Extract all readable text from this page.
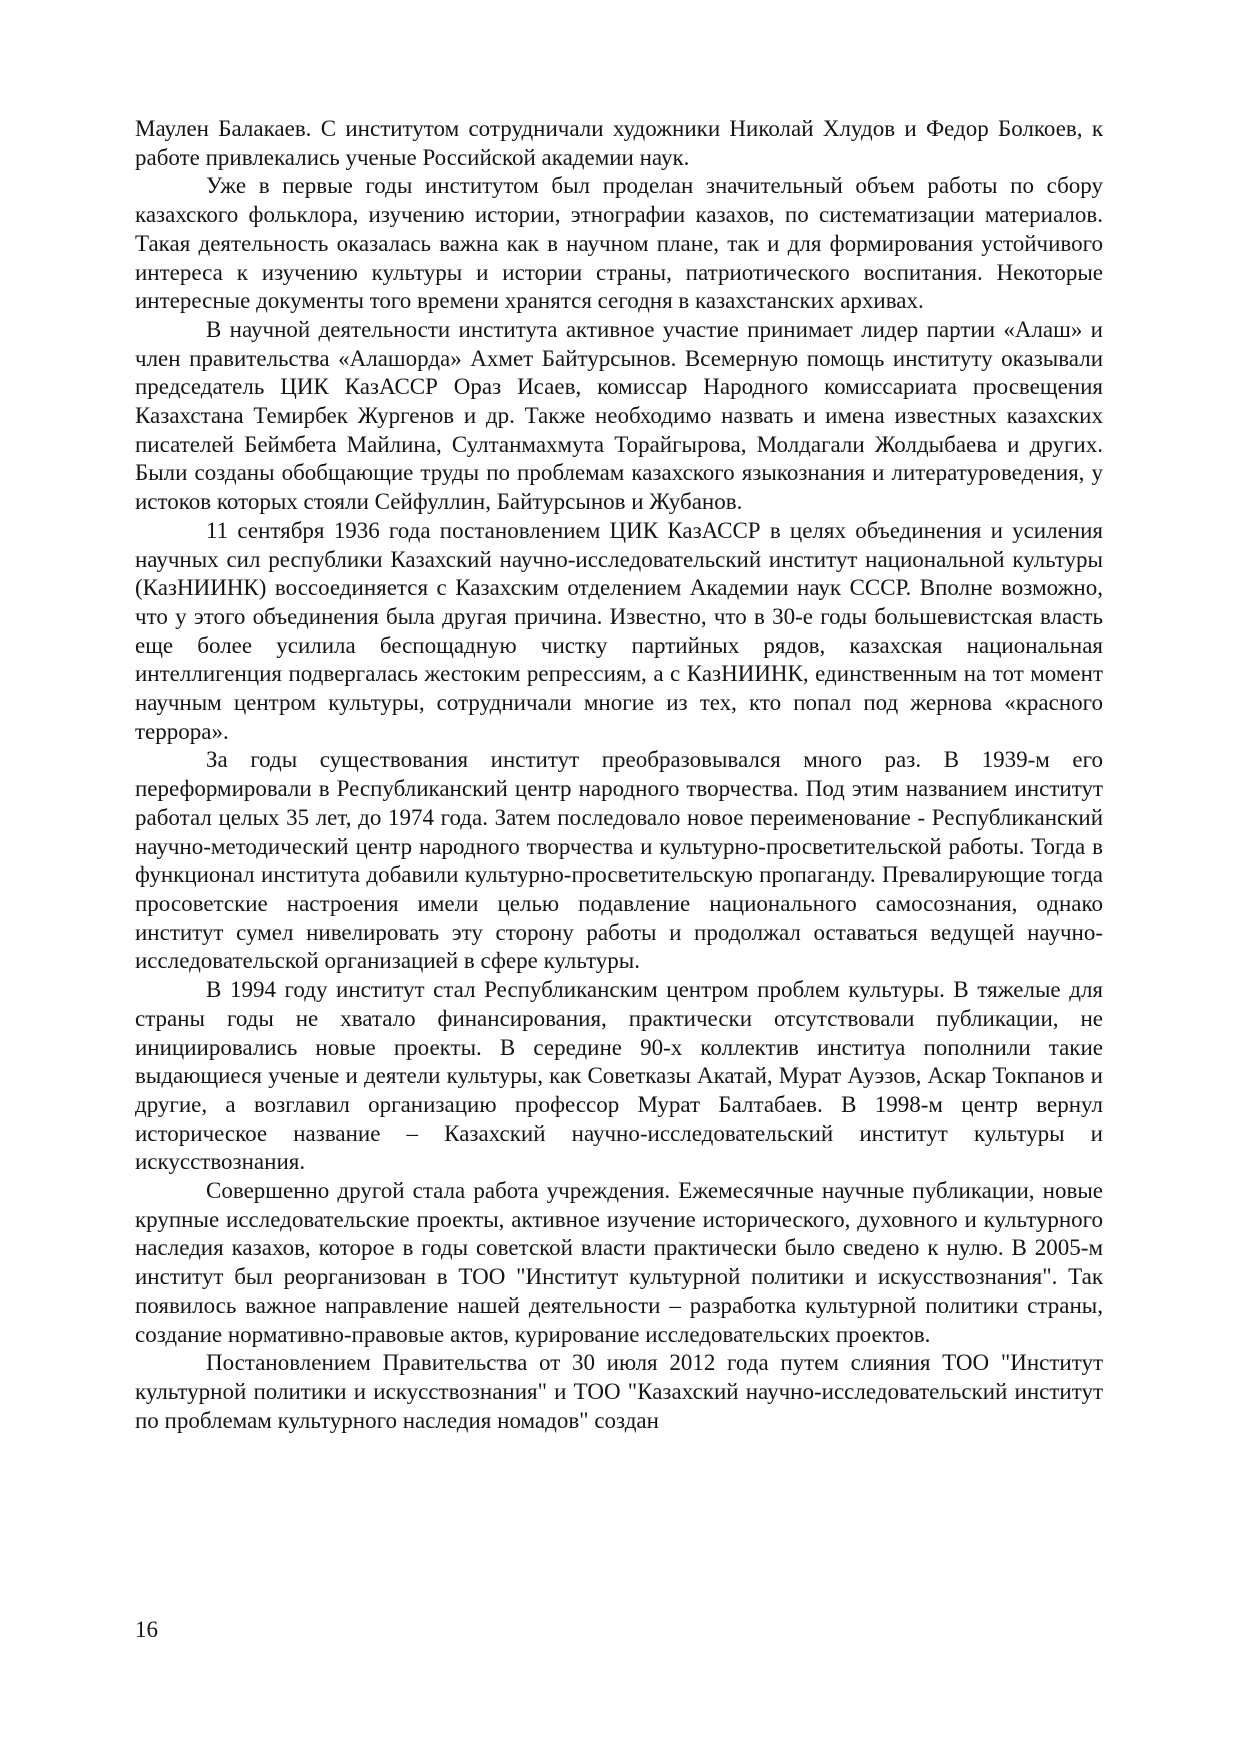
Маулен Балакаев. С институтом сотрудничали художники Николай Хлудов и Федор Болкоев, к работе привлекались ученые Российской академии наук.

Уже в первые годы институтом был проделан значительный объем работы по сбору казахского фольклора, изучению истории, этнографии казахов, по систематизации материалов. Такая деятельность оказалась важна как в научном плане, так и для формирования устойчивого интереса к изучению культуры и истории страны, патриотического воспитания. Некоторые интересные документы того времени хранятся сегодня в казахстанских архивах.

В научной деятельности института активное участие принимает лидер партии «Алаш» и член правительства «Алашорда» Ахмет Байтурсынов. Всемерную помощь институту оказывали председатель ЦИК КазАССР Ораз Исаев, комиссар Народного комиссариата просвещения Казахстана Темирбек Жургенов и др. Также необходимо назвать и имена известных казахских писателей Беймбета Майлина, Султанмахмута Торайгырова, Молдагали Жолдыбаева и других. Были созданы обобщающие труды по проблемам казахского языкознания и литературоведения, у истоков которых стояли Сейфуллин, Байтурсынов и Жубанов.

11 сентября 1936 года постановлением ЦИК КазАССР в целях объединения и усиления научных сил республики Казахский научно-исследовательский институт национальной культуры (КазНИИНК) воссоединяется с Казахским отделением Академии наук СССР. Вполне возможно, что у этого объединения была другая причина. Известно, что в 30-е годы большевистская власть еще более усилила беспощадную чистку партийных рядов, казахская национальная интеллигенция подвергалась жестоким репрессиям, а с КазНИИНК, единственным на тот момент научным центром культуры, сотрудничали многие из тех, кто попал под жернова «красного террора».

За годы существования институт преобразовывался много раз. В 1939-м его переформировали в Республиканский центр народного творчества. Под этим названием институт работал целых 35 лет, до 1974 года. Затем последовало новое переименование - Республиканский научно-методический центр народного творчества и культурно-просветительской работы. Тогда в функционал института добавили культурно-просветительскую пропаганду. Превалирующие тогда просоветские настроения имели целью подавление национального самосознания, однако институт сумел нивелировать эту сторону работы и продолжал оставаться ведущей научно-исследовательской организацией в сфере культуры.

В 1994 году институт стал Республиканским центром проблем культуры. В тяжелые для страны годы не хватало финансирования, практически отсутствовали публикации, не инициировались новые проекты. В середине 90-х коллектив институа пополнили такие выдающиеся ученые и деятели культуры, как Советказы Акатай, Мурат Ауэзов, Аскар Токпанов и другие, а возглавил организацию профессор Мурат Балтабаев. В 1998-м центр вернул историческое название – Казахский научно-исследовательский институт культуры и искусствознания.

Совершенно другой стала работа учреждения. Ежемесячные научные публикации, новые крупные исследовательские проекты, активное изучение исторического, духовного и культурного наследия казахов, которое в годы советской власти практически было сведено к нулю. В 2005-м институт был реорганизован в ТОО "Институт культурной политики и искусствознания". Так появилось важное направление нашей деятельности – разработка культурной политики страны, создание нормативно-правовые актов, курирование исследовательских проектов.

Постановлением Правительства от 30 июля 2012 года путем слияния ТОО "Институт культурной политики и искусствознания" и ТОО "Казахский научно-исследовательский институт по проблемам культурного наследия номадов" создан

16
